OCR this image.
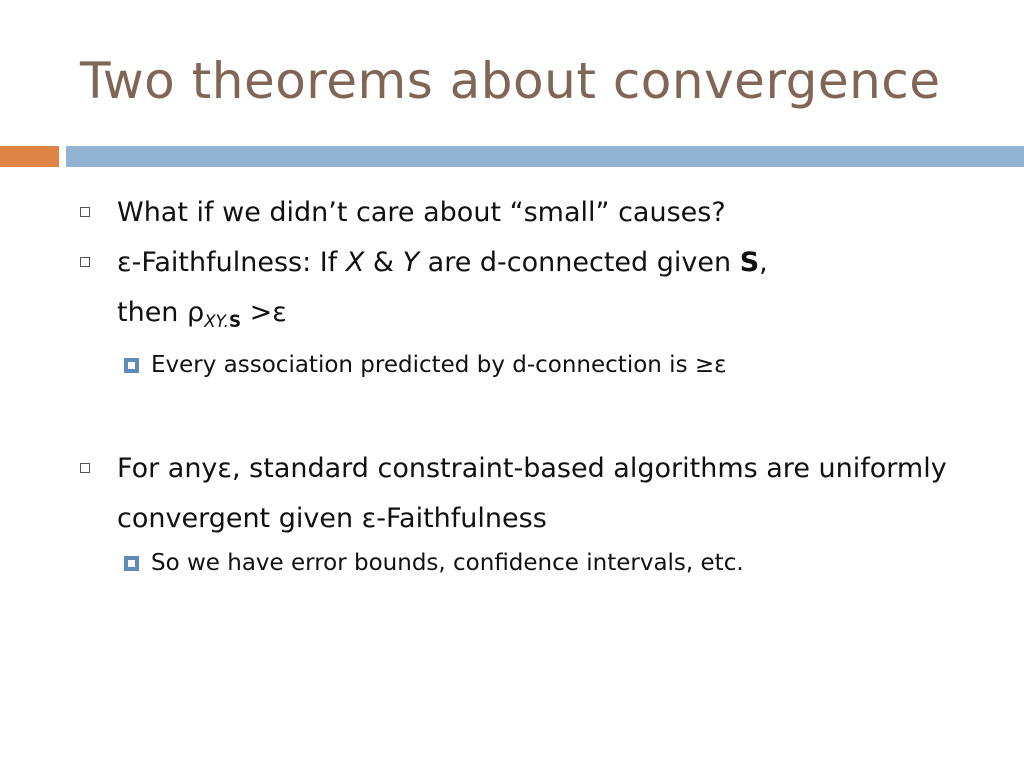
Two theorems about convergence
What if we didn’t care about “small” causes?
ε-Faithfulness: If X & Y are d-connected given S,
then $\rho_{XY.S} >\varepsilon$
Every association predicted by d-connection is ≥ε
For anyε, standard constraint-based algorithms are uniformly convergent given ε-Faithfulness
So we have error bounds, confidence intervals, etc.
